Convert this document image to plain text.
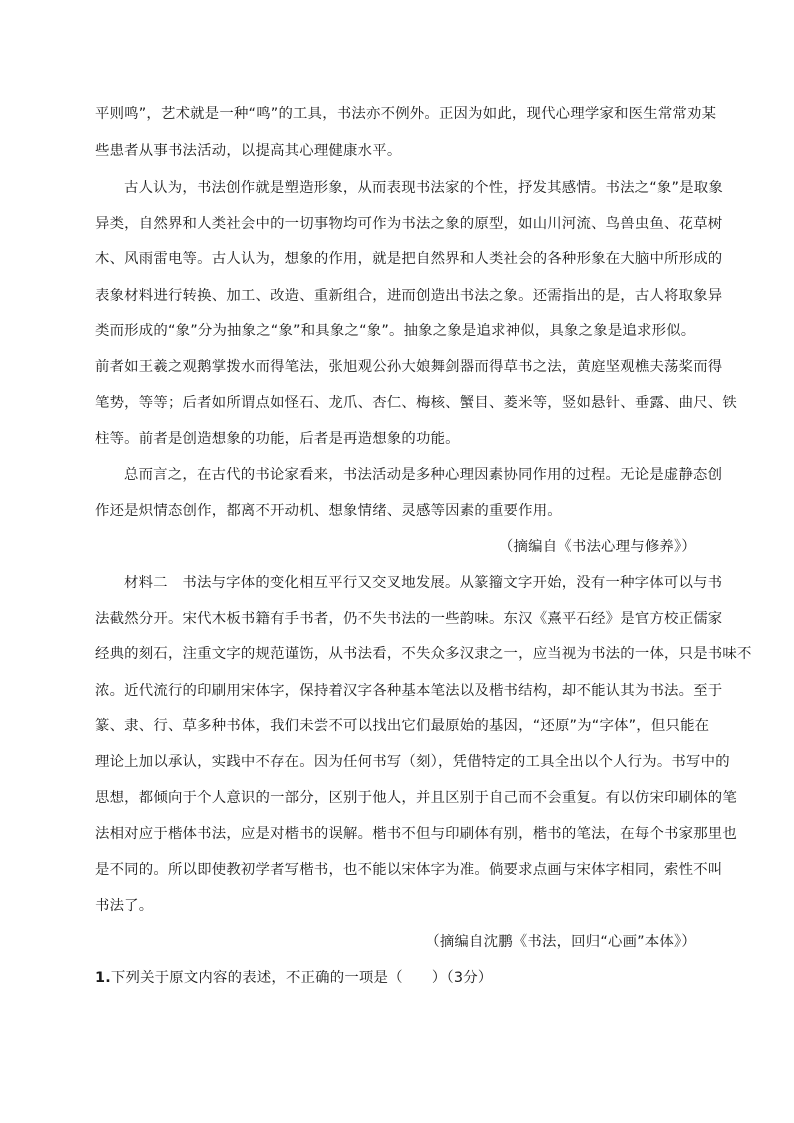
平则鸣”，艺术就是一种“鸣”的工具，书法亦不例外。正因为如此，现代心理学家和医生常常劝某
些患者从事书法活动，以提高其心理健康水平。
古人认为，书法创作就是塑造形象，从而表现书法家的个性，抒发其感情。书法之“象”是取象
异类，自然界和人类社会中的一切事物均可作为书法之象的原型，如山川河流、鸟兽虫鱼、花草树
木、风雨雷电等。古人认为，想象的作用，就是把自然界和人类社会的各种形象在大脑中所形成的
表象材料进行转换、加工、改造、重新组合，进而创造出书法之象。还需指出的是，古人将取象异
类而形成的“象”分为抽象之“象”和具象之“象”。抽象之象是追求神似，具象之象是追求形似。
前者如王羲之观鹅掌拨水而得笔法，张旭观公孙大娘舞剑器而得草书之法，黄庭坚观樵夫荡桨而得
笔势，等等；后者如所谓点如怪石、龙爪、杏仁、梅核、蟹目、菱米等，竖如悬针、垂露、曲尺、铁
柱等。前者是创造想象的功能，后者是再造想象的功能。
总而言之，在古代的书论家看来，书法活动是多种心理因素协同作用的过程。无论是虚静态创
作还是炽情态创作，都离不开动机、想象情绪、灵感等因素的重要作用。
（摘编自《书法心理与修养》）
材料二　书法与字体的变化相互平行又交叉地发展。从篆籀文字开始，没有一种字体可以与书
法截然分开。宋代木板书籍有手书者，仍不失书法的一些韵味。东汉《熹平石经》是官方校正儒家
经典的刻石，注重文字的规范谨饬，从书法看，不失众多汉隶之一，应当视为书法的一体，只是书味不
浓。近代流行的印刷用宋体字，保持着汉字各种基本笔法以及楷书结构，却不能认其为书法。至于
篆、隶、行、草多种书体，我们未尝不可以找出它们最原始的基因，“还原”为“字体”，但只能在
理论上加以承认，实践中不存在。因为任何书写（刻），凭借特定的工具全出以个人行为。书写中的
思想，都倾向于个人意识的一部分，区别于他人，并且区别于自己而不会重复。有以仿宋印刷体的笔
法相对应于楷体书法，应是对楷书的误解。楷书不但与印刷体有别，楷书的笔法，在每个书家那里也
是不同的。所以即使教初学者写楷书，也不能以宋体字为准。倘要求点画与宋体字相同，索性不叫
书法了。
（摘编自沈鹏《书法，回归“心画”本体》）
1.下列关于原文内容的表述，不正确的一项是（　　）（3分）
